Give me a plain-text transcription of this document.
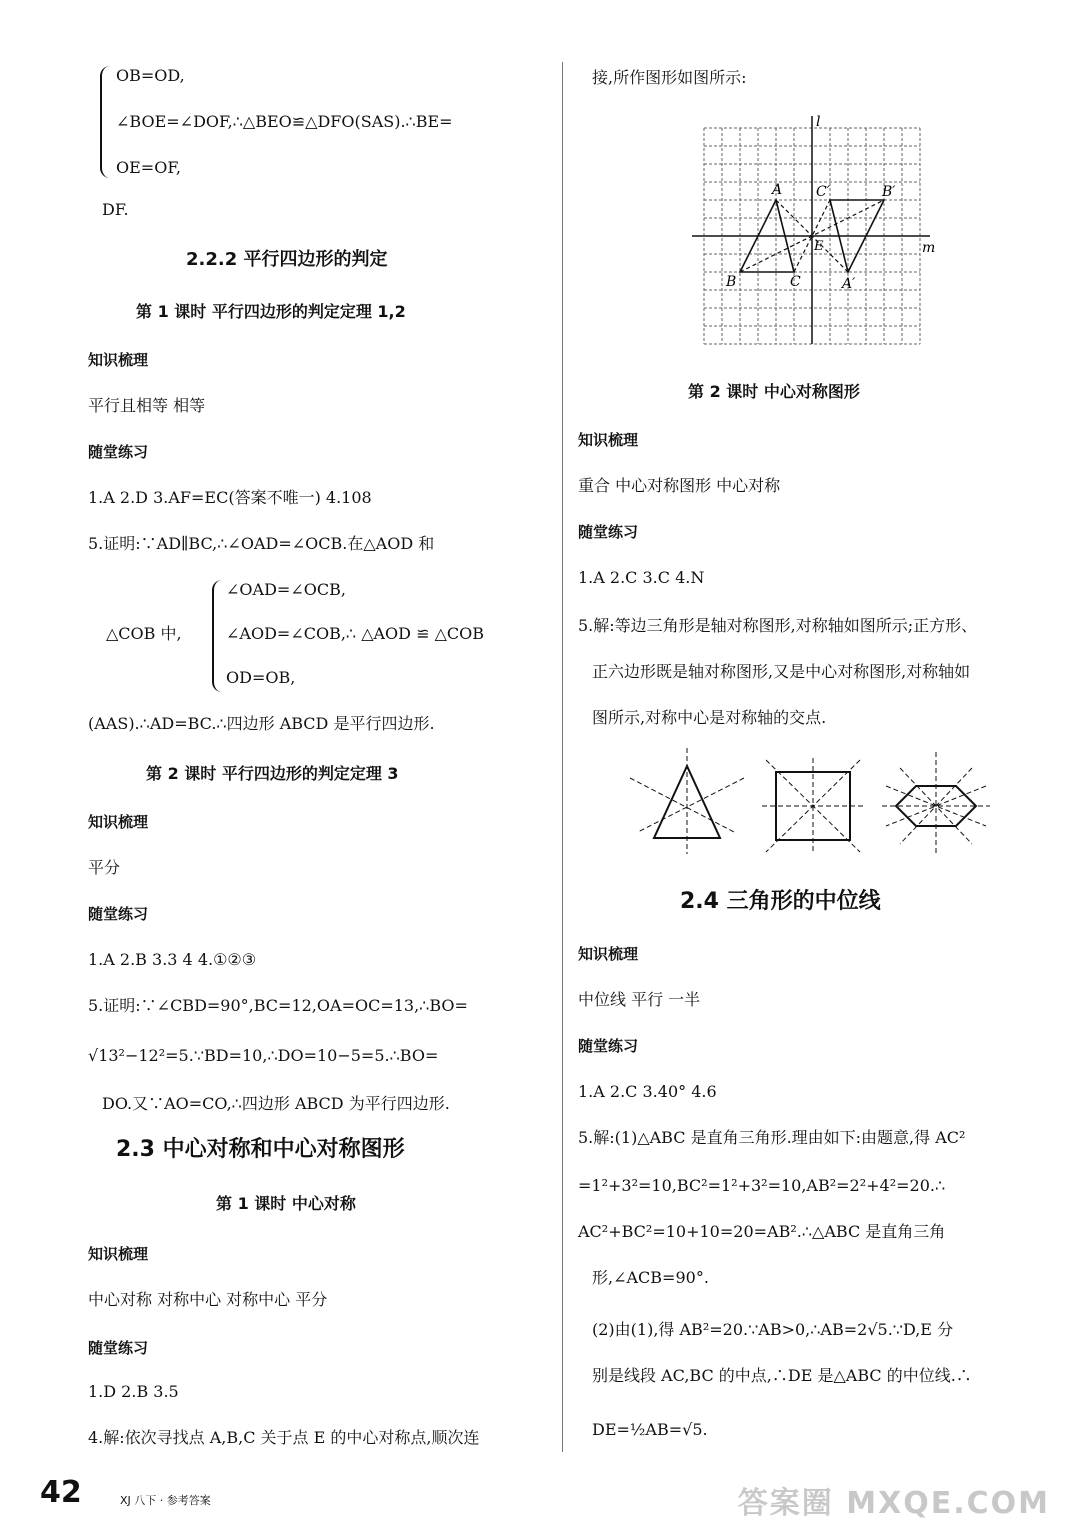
OB=OD,
∠BOE=∠DOF,∴△BEO≌△DFO(SAS).∴BE=
OE=OF,
DF.
2.2.2 平行四边形的判定
第 1 课时 平行四边形的判定定理 1,2
知识梳理
平行且相等 相等
随堂练习
1.A 2.D 3.AF=EC(答案不唯一) 4.108
5.证明:∵AD∥BC,∴∠OAD=∠OCB.在△AOD 和
△COB 中,
∠OAD=∠OCB,
∠AOD=∠COB,∴ △AOD ≌ △COB
OD=OB,
(AAS).∴AD=BC.∴四边形 ABCD 是平行四边形.
第 2 课时 平行四边形的判定定理 3
知识梳理
平分
随堂练习
1.A 2.B 3.3 4 4.①②③
5.证明:∵∠CBD=90°,BC=12,OA=OC=13,∴BO=
√13²−12²=5.∵BD=10,∴DO=10−5=5.∴BO=
DO.又∵AO=CO,∴四边形 ABCD 为平行四边形.
2.3 中心对称和中心对称图形
第 1 课时 中心对称
知识梳理
中心对称 对称中心 对称中心 平分
随堂练习
1.D 2.B 3.5
4.解:依次寻找点 A,B,C 关于点 E 的中心对称点,顺次连
接,所作图形如图所示:
A
B	C
E
A′
B′
C′
l
m
第 2 课时 中心对称图形
知识梳理
重合 中心对称图形 中心对称
随堂练习
1.A 2.C 3.C 4.N
5.解:等边三角形是轴对称图形,对称轴如图所示;正方形、
正六边形既是轴对称图形,又是中心对称图形,对称轴如
图所示,对称中心是对称轴的交点.
2.4 三角形的中位线
知识梳理
中位线 平行 一半
随堂练习
1.A 2.C 3.40° 4.6
5.解:(1)△ABC 是直角三角形.理由如下:由题意,得 AC²
=1²+3²=10,BC²=1²+3²=10,AB²=2²+4²=20.∴
AC²+BC²=10+10=20=AB².∴△ABC 是直角三角
形,∠ACB=90°.
(2)由(1),得 AB²=20.∵AB>0,∴AB=2√5.∵D,E 分
别是线段 AC,BC 的中点,∴DE 是△ABC 的中位线.∴
DE=½AB=√5.
42	XJ 八下 · 参考答案	答案圈 MXQE.COM
